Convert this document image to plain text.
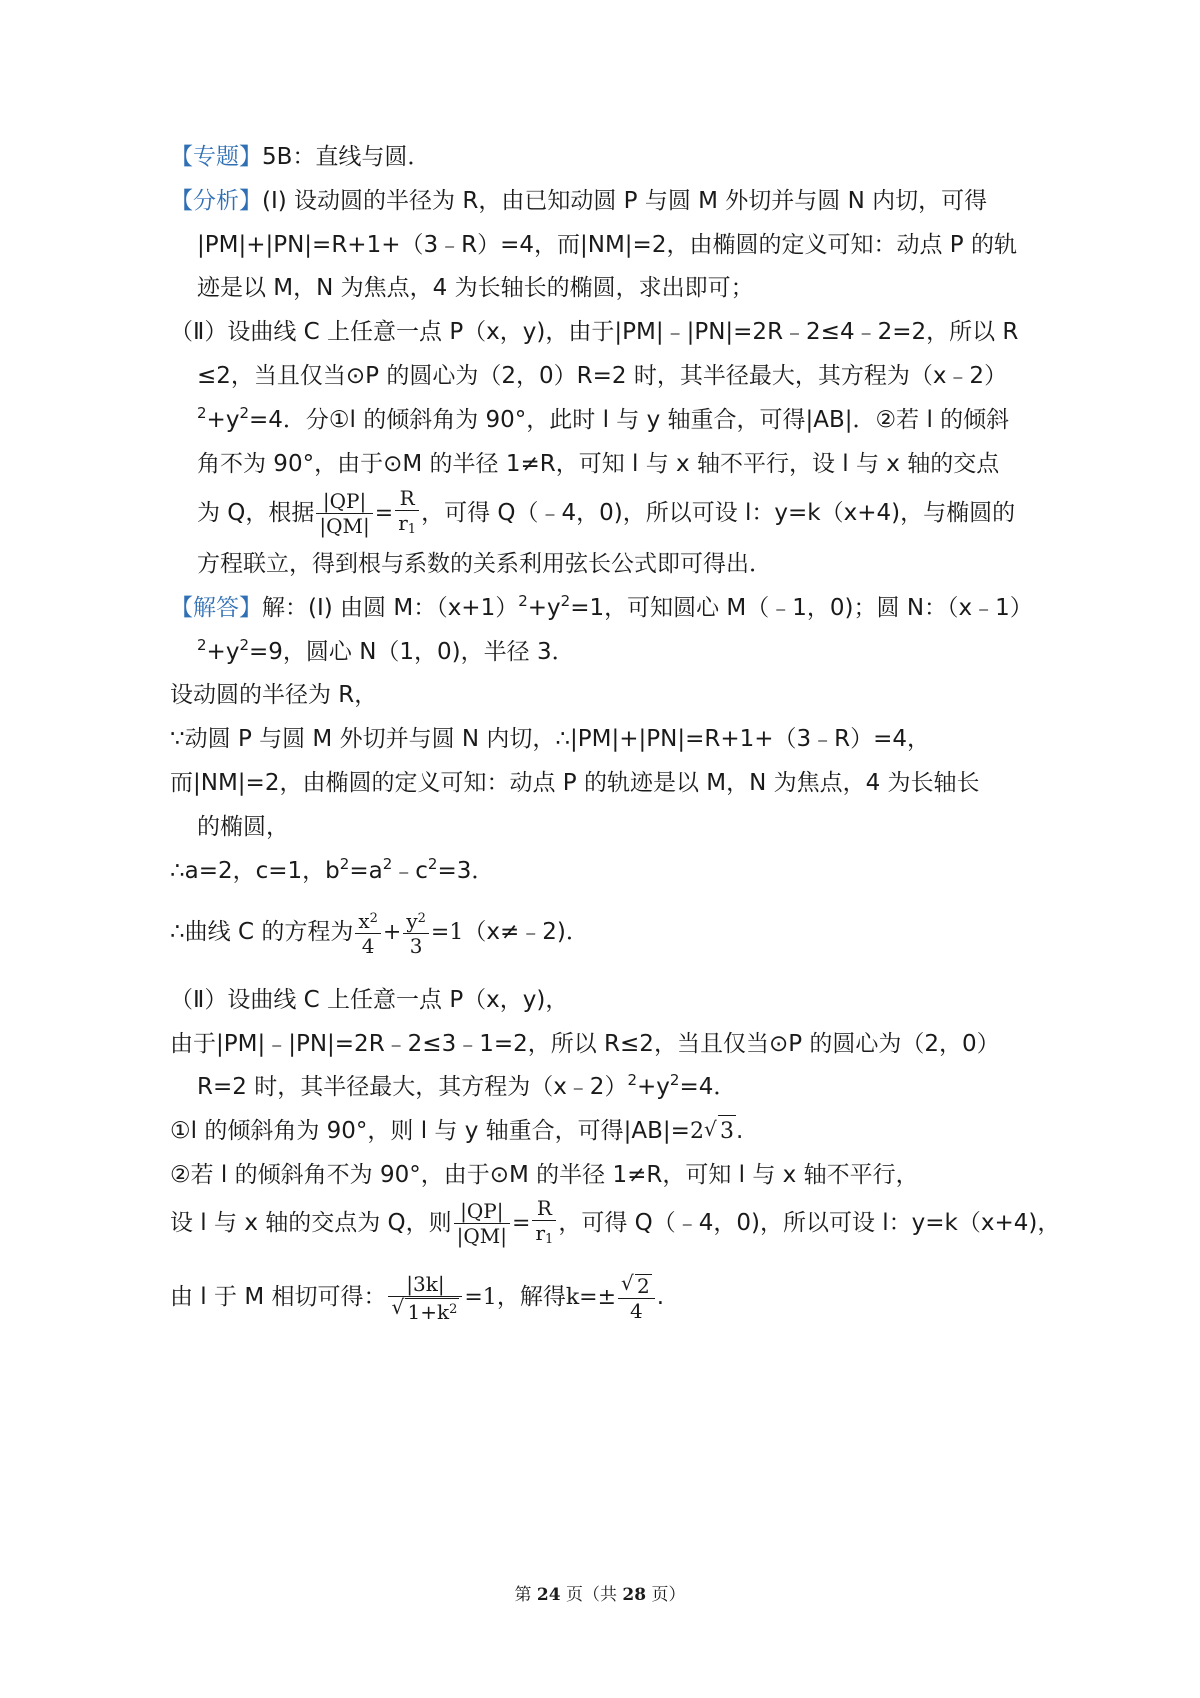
【专题】5B：直线与圆．
【分析】(Ⅰ) 设动圆的半径为 R，由已知动圆 P 与圆 M 外切并与圆 N 内切，可得
|PM|+|PN|=R+1+（3﹣R）=4，而|NM|=2，由椭圆的定义可知：动点 P 的轨
迹是以 M，N 为焦点，4 为长轴长的椭圆，求出即可；
（Ⅱ）设曲线 C 上任意一点 P（x，y)，由于|PM|﹣|PN|=2R﹣2≤4﹣2=2，所以 R
≤2，当且仅当⊙P 的圆心为（2，0）R=2 时，其半径最大，其方程为（x﹣2）
$^2+y^2=4$．分①l 的倾斜角为 90°，此时 l 与 y 轴重合，可得|AB|．②若 l 的倾斜
角不为 90°，由于⊙M 的半径 1≠R，可知 l 与 x 轴不平行，设 l 与 x 轴的交点
为 Q，根据 $\frac{|QP|}{|QM|} = \frac{R}{r_1}$ ，可得 Q（﹣4，0)，所以可设 l：y=k（x+4)，与椭圆的
方程联立，得到根与系数的关系利用弦长公式即可得出．
【解答】解：(Ⅰ) 由圆 M：$(x+1)^2+y^2=1$，可知圆心 M（﹣1，0)；圆 N：（x﹣1）
$^2+y^2=9$，圆心 N（1，0)，半径 3．
设动圆的半径为 R，
∵动圆 P 与圆 M 外切并与圆 N 内切，∴|PM|+|PN|=R+1+（3﹣R）=4，
而|NM|=2，由椭圆的定义可知：动点 P 的轨迹是以 M，N 为焦点，4 为长轴长
的椭圆，
∴a=2，c=1，$b^2=a^2﹣c^2=3$．
∴曲线 C 的方程为 $\frac{x^2}{4} + \frac{y^2}{3}$ =1（x≠﹣2)．
（Ⅱ）设曲线 C 上任意一点 P（x，y)，
由于|PM|﹣|PN|=2R﹣2≤3﹣1=2，所以 R≤2，当且仅当⊙P 的圆心为（2，0）
R=2 时，其半径最大，其方程为$(x﹣2)^2+y^2=4$．
①l 的倾斜角为 90°，则 l 与 y 轴重合，可得|AB|=2 √ 3.
②若 l 的倾斜角不为 90°，由于⊙M 的半径 1≠R，可知 l 与 x 轴不平行，
设 l 与 x 轴的交点为 Q，则 $\frac{|QP|}{|QM|} = \frac{R}{r_1}$ ，可得 Q（﹣4，0)，所以可设 l：y=k（x+4)，
由 l 于 M 相切可得： $\frac{|3k|}{√ 1+k^2} =1$，解得$k=\pm \frac{√ 2}{4}$ .
第 24 页（共 28 页）
